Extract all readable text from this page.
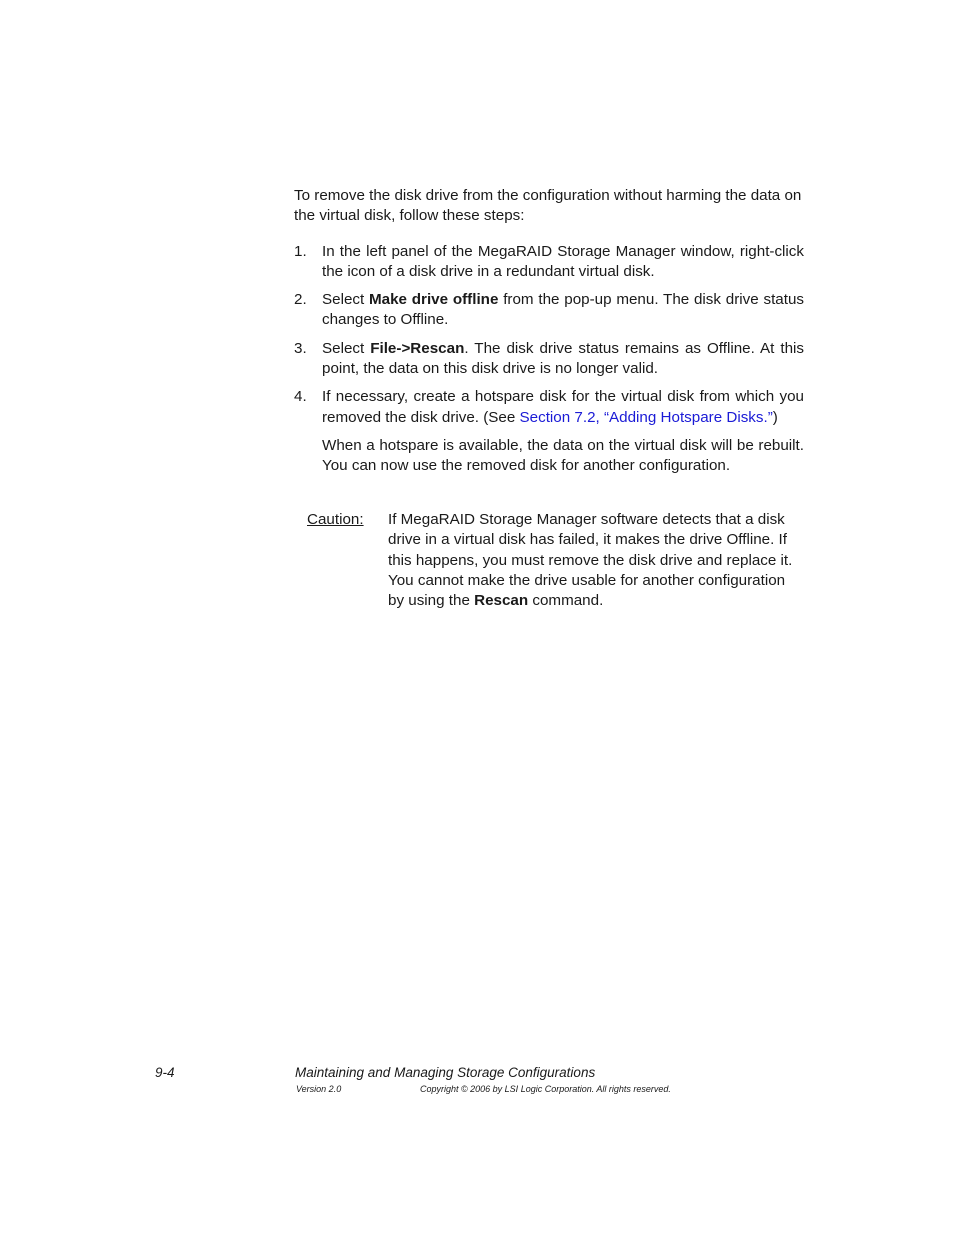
To remove the disk drive from the configuration without harming the data on the virtual disk, follow these steps:

1. In the left panel of the MegaRAID Storage Manager window, right-click the icon of a disk drive in a redundant virtual disk.
2. Select Make drive offline from the pop-up menu. The disk drive status changes to Offline.
3. Select File->Rescan. The disk drive status remains as Offline. At this point, the data on this disk drive is no longer valid.
4. If necessary, create a hotspare disk for the virtual disk from which you removed the disk drive. (See Section 7.2, “Adding Hotspare Disks.”)
When a hotspare is available, the data on the virtual disk will be rebuilt. You can now use the removed disk for another configuration.
Caution: If MegaRAID Storage Manager software detects that a disk drive in a virtual disk has failed, it makes the drive Offline. If this happens, you must remove the disk drive and replace it. You cannot make the drive usable for another configuration by using the Rescan command.
9-4	Maintaining and Managing Storage Configurations
Version 2.0	Copyright © 2006 by LSI Logic Corporation. All rights reserved.
